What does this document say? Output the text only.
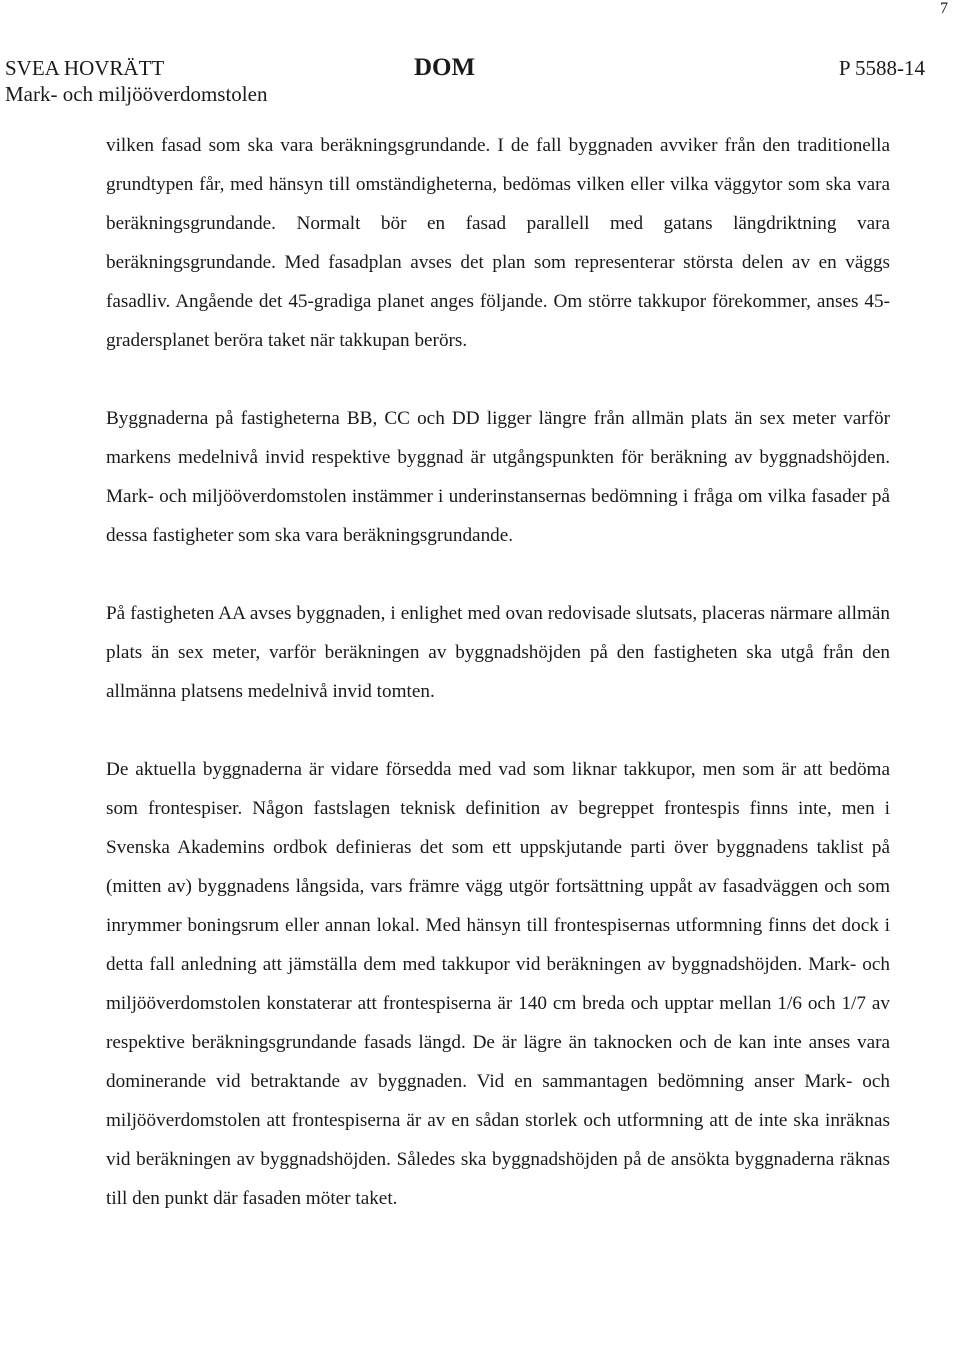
7
SVEA HOVRÄTT
Mark- och miljööverdomstolen
DOM	P 5588-14

vilken fasad som ska vara beräkningsgrundande. I de fall byggnaden avviker från den traditionella grundtypen får, med hänsyn till omständigheterna, bedömas vilken eller vilka väggytor som ska vara beräkningsgrundande. Normalt bör en fasad parallell med gatans längdriktning vara beräkningsgrundande. Med fasadplan avses det plan som representerar största delen av en väggs fasadliv. Angående det 45-gradiga planet anges följande. Om större takkupor förekommer, anses 45-gradersplanet beröra taket när takkupan berörs.

Byggnaderna på fastigheterna BB, CC och DD ligger längre från allmän plats än sex meter varför markens medelnivå invid respektive byggnad är utgångspunkten för beräkning av byggnadshöjden. Mark- och miljööverdomstolen instämmer i underinstansernas bedömning i fråga om vilka fasader på dessa fastigheter som ska vara beräkningsgrundande.

På fastigheten AA avses byggnaden, i enlighet med ovan redovisade slutsats, placeras närmare allmän plats än sex meter, varför beräkningen av byggnadshöjden på den fastigheten ska utgå från den allmänna platsens medelnivå invid tomten.

De aktuella byggnaderna är vidare försedda med vad som liknar takkupor, men som är att bedöma som frontespiser. Någon fastslagen teknisk definition av begreppet frontespis finns inte, men i Svenska Akademins ordbok definieras det som ett uppskjutande parti över byggnadens taklist på (mitten av) byggnadens långsida, vars främre vägg utgör fortsättning uppåt av fasadväggen och som inrymmer boningsrum eller annan lokal. Med hänsyn till frontespisernas utformning finns det dock i detta fall anledning att jämställa dem med takkupor vid beräkningen av byggnadshöjden. Mark- och miljööverdomstolen konstaterar att frontespiserna är 140 cm breda och upptar mellan 1/6 och 1/7 av respektive beräkningsgrundande fasads längd. De är lägre än taknocken och de kan inte anses vara dominerande vid betraktande av byggnaden. Vid en sammantagen bedömning anser Mark- och miljööverdomstolen att frontespiserna är av en sådan storlek och utformning att de inte ska inräknas vid beräkningen av byggnadshöjden. Således ska byggnadshöjden på de ansökta byggnaderna räknas till den punkt där fasaden möter taket.
